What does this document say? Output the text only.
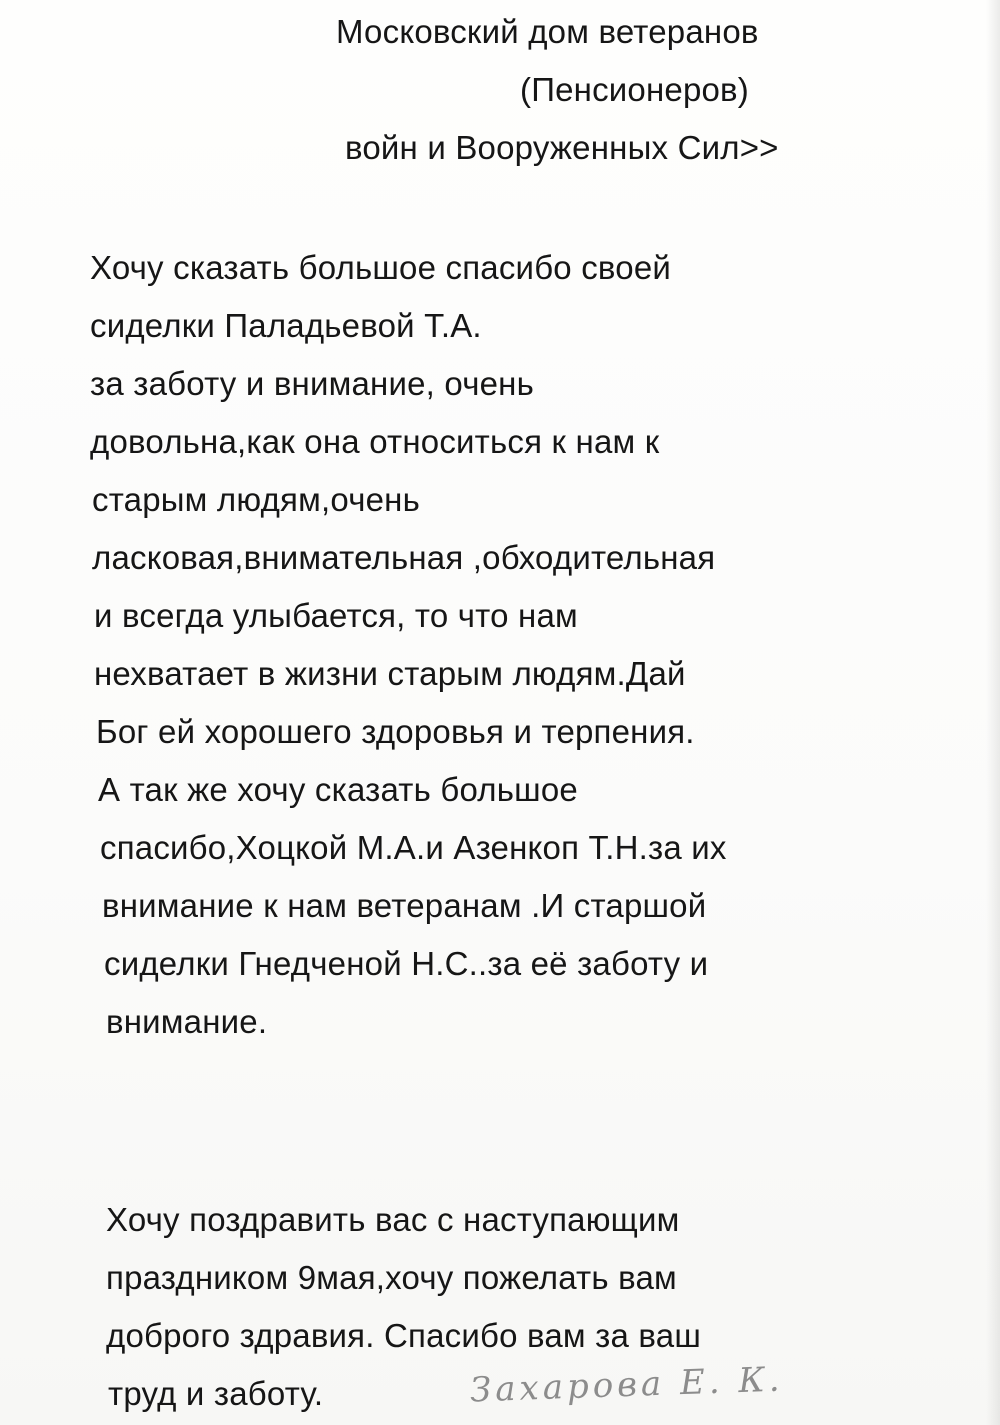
Московский дом ветеранов
(Пенсионеров)
войн и Вооруженных Сил>>
Хочу сказать большое спасибо своей
сиделки Паладьевой Т.А.
за заботу и внимание, очень
довольна,как она относиться к нам к
старым людям,очень
ласковая,внимательная ,обходительная
и всегда улыбается, то что нам
нехватает в жизни старым людям.Дай
Бог ей хорошего здоровья и терпения.
А так же хочу сказать большое
спасибо,Хоцкой М.А.и Азенкоп Т.Н.за их
внимание к нам ветеранам .И старшой
сиделки Гнедченой Н.С..за её заботу и
внимание.
Хочу поздравить вас с наступающим
праздником 9мая,хочу пожелать вам
доброго здравия. Спасибо вам за ваш
труд и заботу.	Захарова Е. К.
